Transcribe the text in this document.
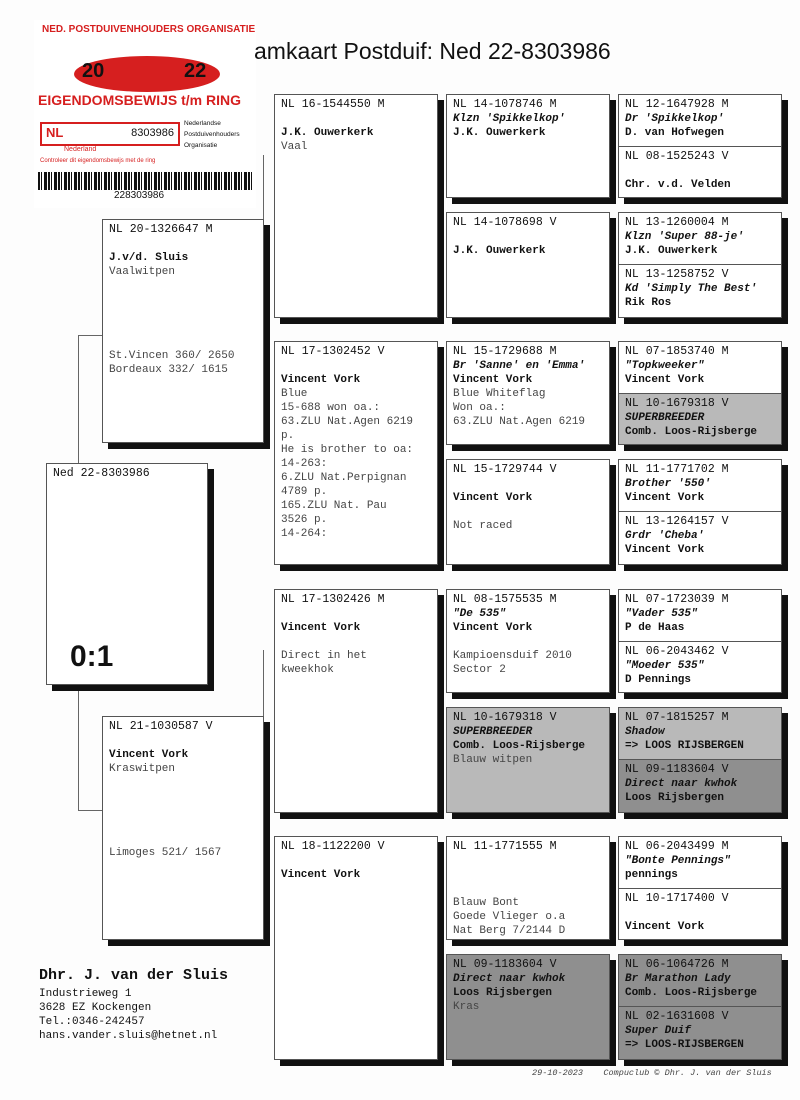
NED. POSTDUIVENHOUDERS ORGANISATIE
20	22
EIGENDOMSBEWIJS t/m RING
NL	8303986
Nederlandse
Postduivenhouders
Organisatie
Nederland
Controleer dit eigendomsbewijs met de ring
228303986
amkaart Postduif: Ned 22-8303986
Ned 22-8303986
0:1
NL 20-1326647 M

J.v/d. Sluis
Vaalwitpen
St.Vincen 360/ 2650
Bordeaux 332/ 1615
NL 21-1030587 V

Vincent Vork
Kraswitpen
Limoges 521/ 1567
NL 16-1544550 M

J.K. Ouwerkerk
Vaal
NL 17-1302452 V

Vincent Vork
Blue
15-688 won oa.:
63.ZLU Nat.Agen 6219
p.
He is brother to oa:
14-263:
6.ZLU Nat.Perpignan
4789 p.
165.ZLU Nat. Pau
3526 p.
14-264:
NL 17-1302426 M

Vincent Vork

Direct in het
kweekhok
NL 18-1122200 V

Vincent Vork
NL 14-1078746 M
Klzn 'Spikkelkop'
J.K. Ouwerkerk
NL 14-1078698 V

J.K. Ouwerkerk
NL 15-1729688 M
Br 'Sanne' en 'Emma'
Vincent Vork
Blue Whiteflag
Won oa.:
63.ZLU Nat.Agen 6219
NL 15-1729744 V

Vincent Vork

Not raced
NL 08-1575535 M
"De 535"
Vincent Vork

Kampioensduif 2010
Sector 2
NL 10-1679318 V
SUPERBREEDER
Comb. Loos-Rijsberge
Blauw witpen
NL 11-1771555 M

Blauw Bont
Goede Vlieger o.a
Nat Berg 7/2144 D
NL 09-1183604 V
Direct naar kwhok
Loos Rijsbergen
Kras
NL 12-1647928 M
Dr 'Spikkelkop'
D. van Hofwegen
NL 08-1525243 V

Chr. v.d. Velden
NL 13-1260004 M
Klzn 'Super 88-je'
J.K. Ouwerkerk
NL 13-1258752 V
Kd 'Simply The Best'
Rik Ros
NL 07-1853740 M
"Topkweeker"
Vincent Vork
NL 10-1679318 V
SUPERBREEDER
Comb. Loos-Rijsberge
NL 11-1771702 M
Brother '550'
Vincent Vork
NL 13-1264157 V
Grdr 'Cheba'
Vincent Vork
NL 07-1723039 M
"Vader 535"
P de Haas
NL 06-2043462 V
"Moeder 535"
D Pennings
NL 07-1815257 M
Shadow
=> LOOS RIJSBERGEN
NL 09-1183604 V
Direct naar kwhok
Loos Rijsbergen
NL 06-2043499 M
"Bonte Pennings"
pennings
NL 10-1717400 V

Vincent Vork
NL 06-1064726 M
Br Marathon Lady
Comb. Loos-Rijsberge
NL 02-1631608 V
Super Duif
=> LOOS-RIJSBERGEN
Dhr. J. van der Sluis
Industrieweg 1
3628 EZ Kockengen
Tel.:0346-242457
hans.vander.sluis@hetnet.nl
29-10-2023 Compuclub © Dhr. J. van der Sluis
